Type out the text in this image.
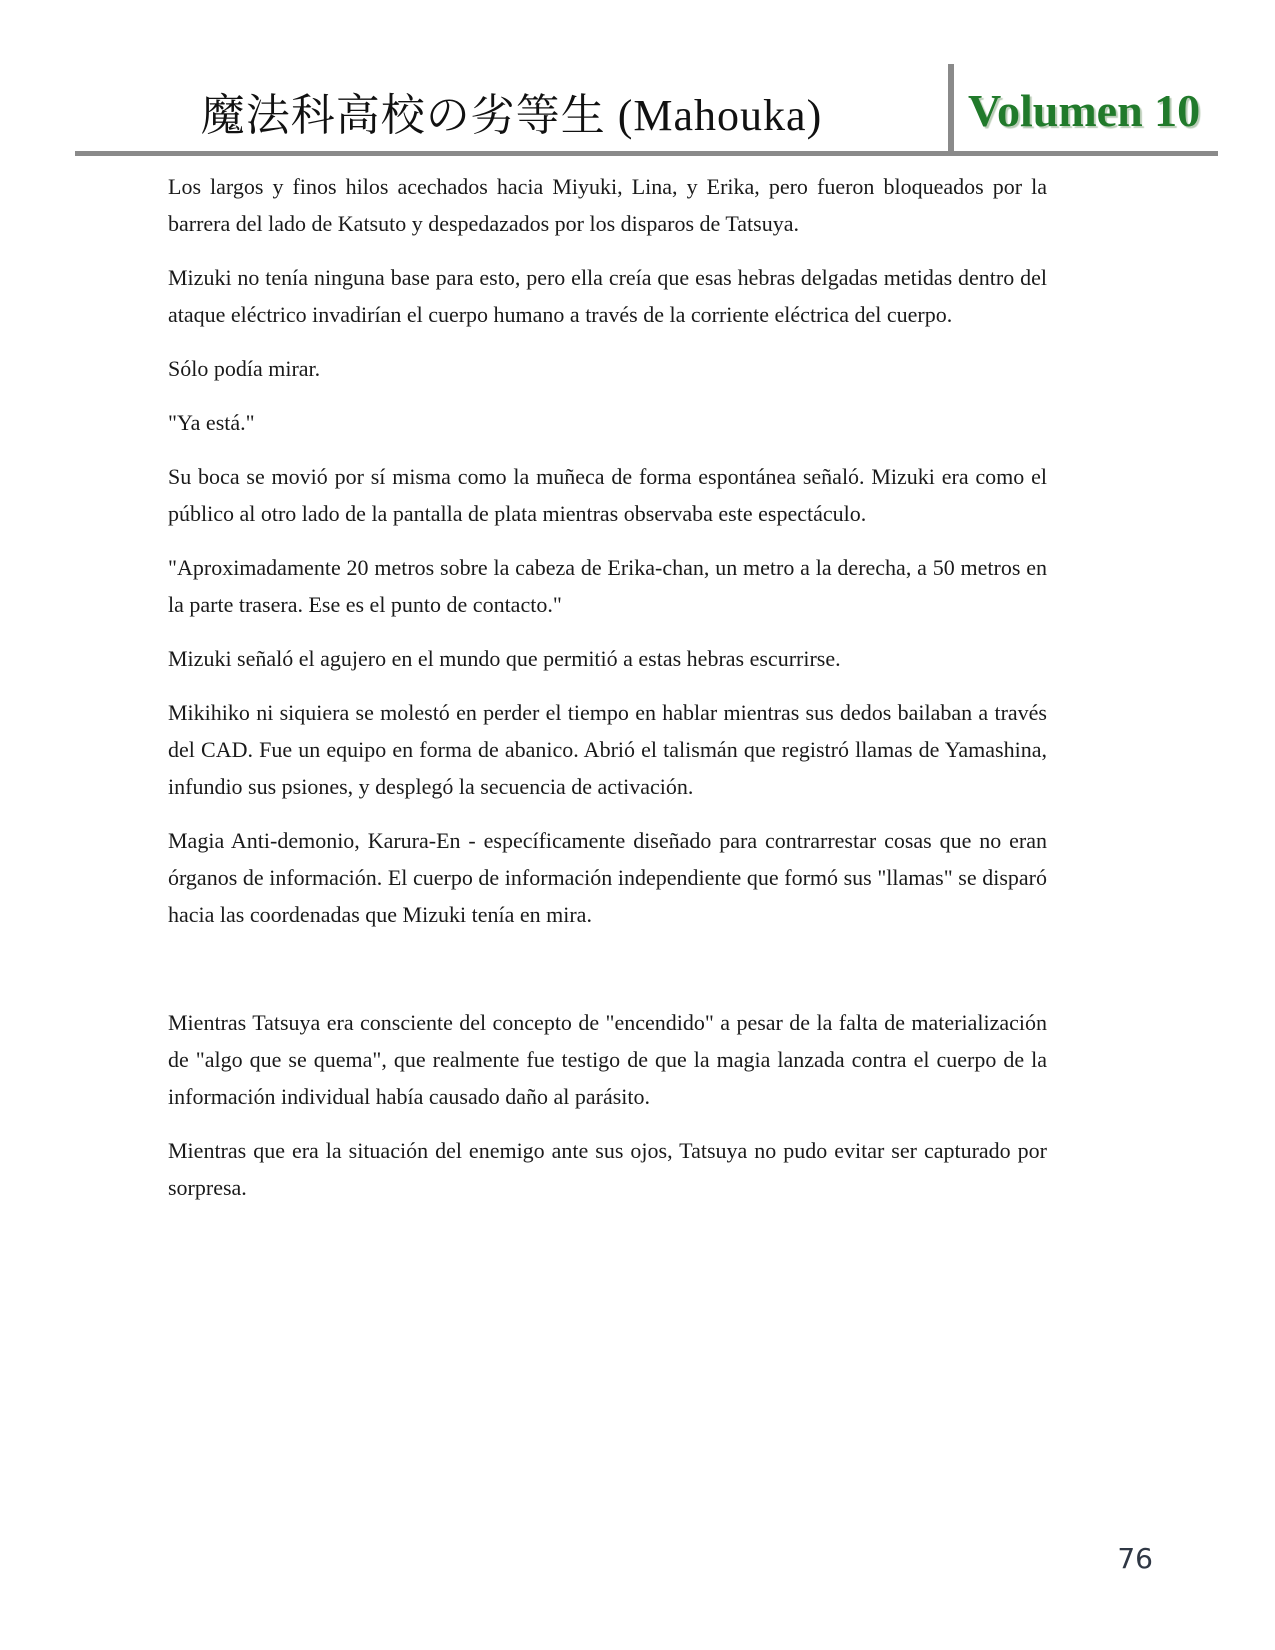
魔法科高校の劣等生 (Mahouka)	Volumen 10

Los largos y finos hilos acechados hacia Miyuki, Lina, y Erika, pero fueron bloqueados por la barrera del lado de Katsuto y despedazados por los disparos de Tatsuya.

Mizuki no tenía ninguna base para esto, pero ella creía que esas hebras delgadas metidas dentro del ataque eléctrico invadirían el cuerpo humano a través de la corriente eléctrica del cuerpo.

Sólo podía mirar.

"Ya está."

Su boca se movió por sí misma como la muñeca de forma espontánea señaló. Mizuki era como el público al otro lado de la pantalla de plata mientras observaba este espectáculo.

"Aproximadamente 20 metros sobre la cabeza de Erika-chan, un metro a la derecha, a 50 metros en la parte trasera. Ese es el punto de contacto."

Mizuki señaló el agujero en el mundo que permitió a estas hebras escurrirse.

Mikihiko ni siquiera se molestó en perder el tiempo en hablar mientras sus dedos bailaban a través del CAD. Fue un equipo en forma de abanico. Abrió el talismán que registró llamas de Yamashina, infundio sus psiones, y desplegó la secuencia de activación.

Magia Anti-demonio, Karura-En - específicamente diseñado para contrarrestar cosas que no eran órganos de información. El cuerpo de información independiente que formó sus "llamas" se disparó hacia las coordenadas que Mizuki tenía en mira.

Mientras Tatsuya era consciente del concepto de "encendido" a pesar de la falta de materialización de "algo que se quema", que realmente fue testigo de que la magia lanzada contra el cuerpo de la información individual había causado daño al parásito.

Mientras que era la situación del enemigo ante sus ojos, Tatsuya no pudo evitar ser capturado por sorpresa.

76
